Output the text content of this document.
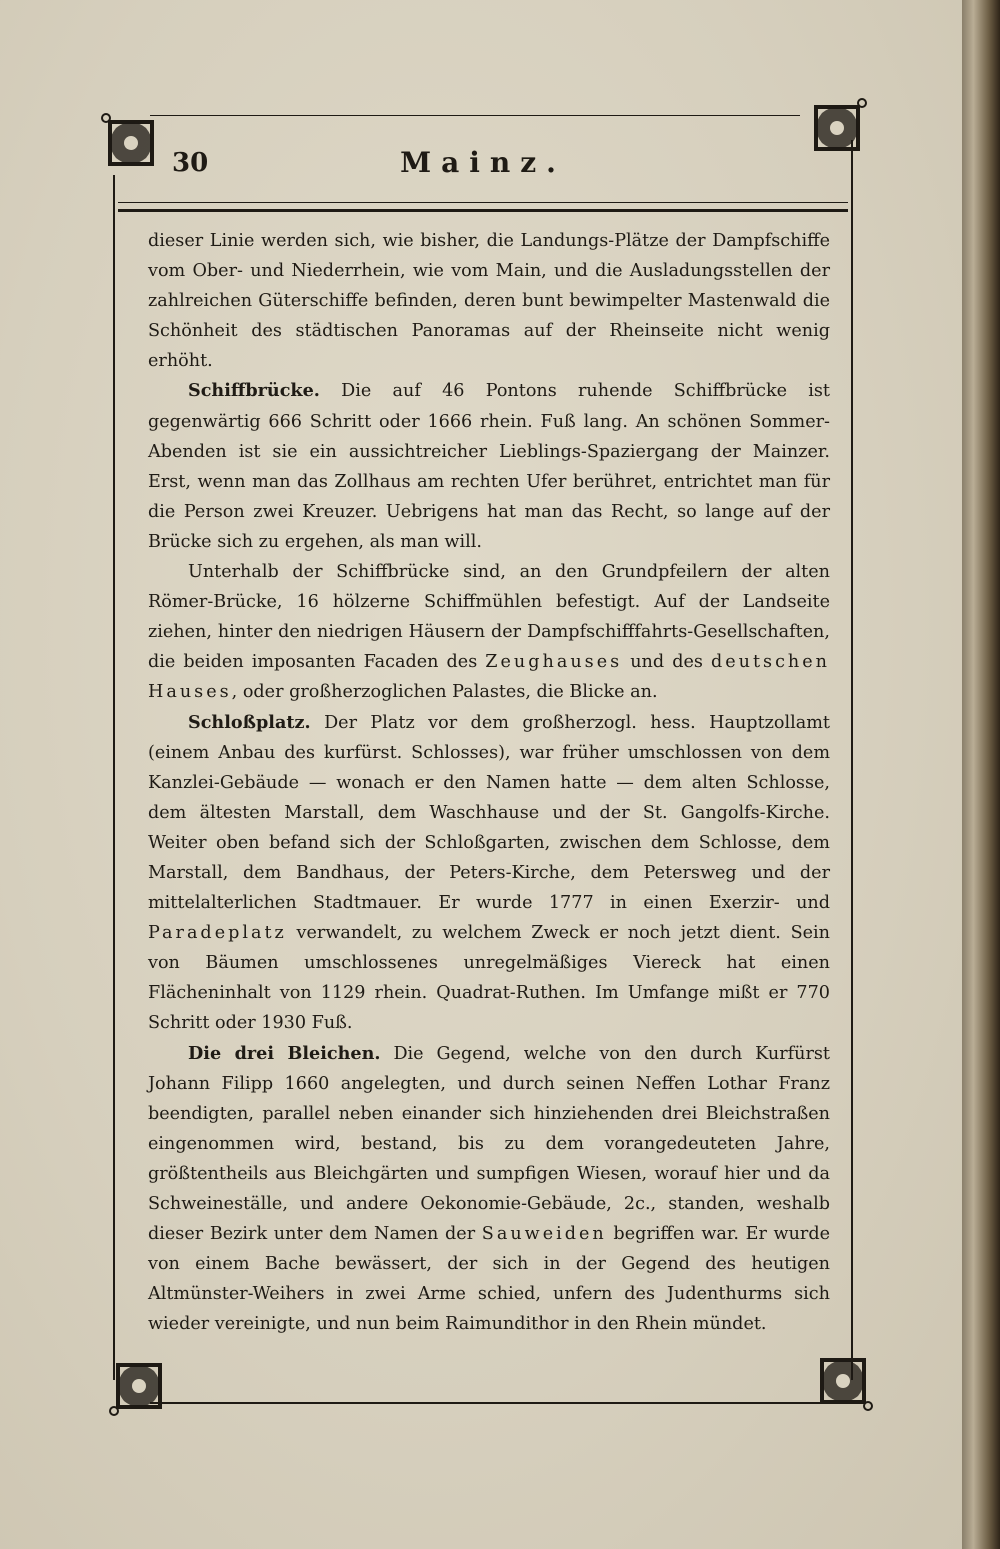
30	Mainz.

dieser Linie werden sich, wie bisher, die Landungs-Plätze der Dampfschiffe vom Ober- und Niederrhein, wie vom Main, und die Ausladungsstellen der zahlreichen Güterschiffe befinden, deren bunt bewimpelter Mastenwald die Schönheit des städtischen Panoramas auf der Rheinseite nicht wenig erhöht.

Schiffbrücke. Die auf 46 Pontons ruhende Schiffbrücke ist gegenwärtig 666 Schritt oder 1666 rhein. Fuß lang. An schönen Sommer-Abenden ist sie ein aussichtreicher Lieblings-Spaziergang der Mainzer. Erst, wenn man das Zollhaus am rechten Ufer berühret, entrichtet man für die Person zwei Kreuzer. Uebrigens hat man das Recht, so lange auf der Brücke sich zu ergehen, als man will.

Unterhalb der Schiffbrücke sind, an den Grundpfeilern der alten Römer-Brücke, 16 hölzerne Schiffmühlen befestigt. Auf der Landseite ziehen, hinter den niedrigen Häusern der Dampfschifffahrts-Gesellschaften, die beiden imposanten Facaden des Zeughauses und des deutschen Hauses, oder großherzoglichen Palastes, die Blicke an.

Schloßplatz. Der Platz vor dem großherzogl. hess. Hauptzollamt (einem Anbau des kurfürst. Schlosses), war früher umschlossen von dem Kanzlei-Gebäude — wonach er den Namen hatte — dem alten Schlosse, dem ältesten Marstall, dem Waschhause und der St. Gangolfs-Kirche. Weiter oben befand sich der Schloßgarten, zwischen dem Schlosse, dem Marstall, dem Bandhaus, der Peters-Kirche, dem Petersweg und der mittelalterlichen Stadtmauer. Er wurde 1777 in einen Exerzir- und Paradeplatz verwandelt, zu welchem Zweck er noch jetzt dient. Sein von Bäumen umschlossenes unregelmäßiges Viereck hat einen Flächeninhalt von 1129 rhein. Quadrat-Ruthen. Im Umfange mißt er 770 Schritt oder 1930 Fuß.

Die drei Bleichen. Die Gegend, welche von den durch Kurfürst Johann Filipp 1660 angelegten, und durch seinen Neffen Lothar Franz beendigten, parallel neben einander sich hinziehenden drei Bleichstraßen eingenommen wird, bestand, bis zu dem vorangedeuteten Jahre, größtentheils aus Bleichgärten und sumpfigen Wiesen, worauf hier und da Schweineställe, und andere Oekonomie-Gebäude, 2c., standen, weshalb dieser Bezirk unter dem Namen der Sauweiden begriffen war. Er wurde von einem Bache bewässert, der sich in der Gegend des heutigen Altmünster-Weihers in zwei Arme schied, unfern des Judenthurms sich wieder vereinigte, und nun beim Raimundithor in den Rhein mündet.
